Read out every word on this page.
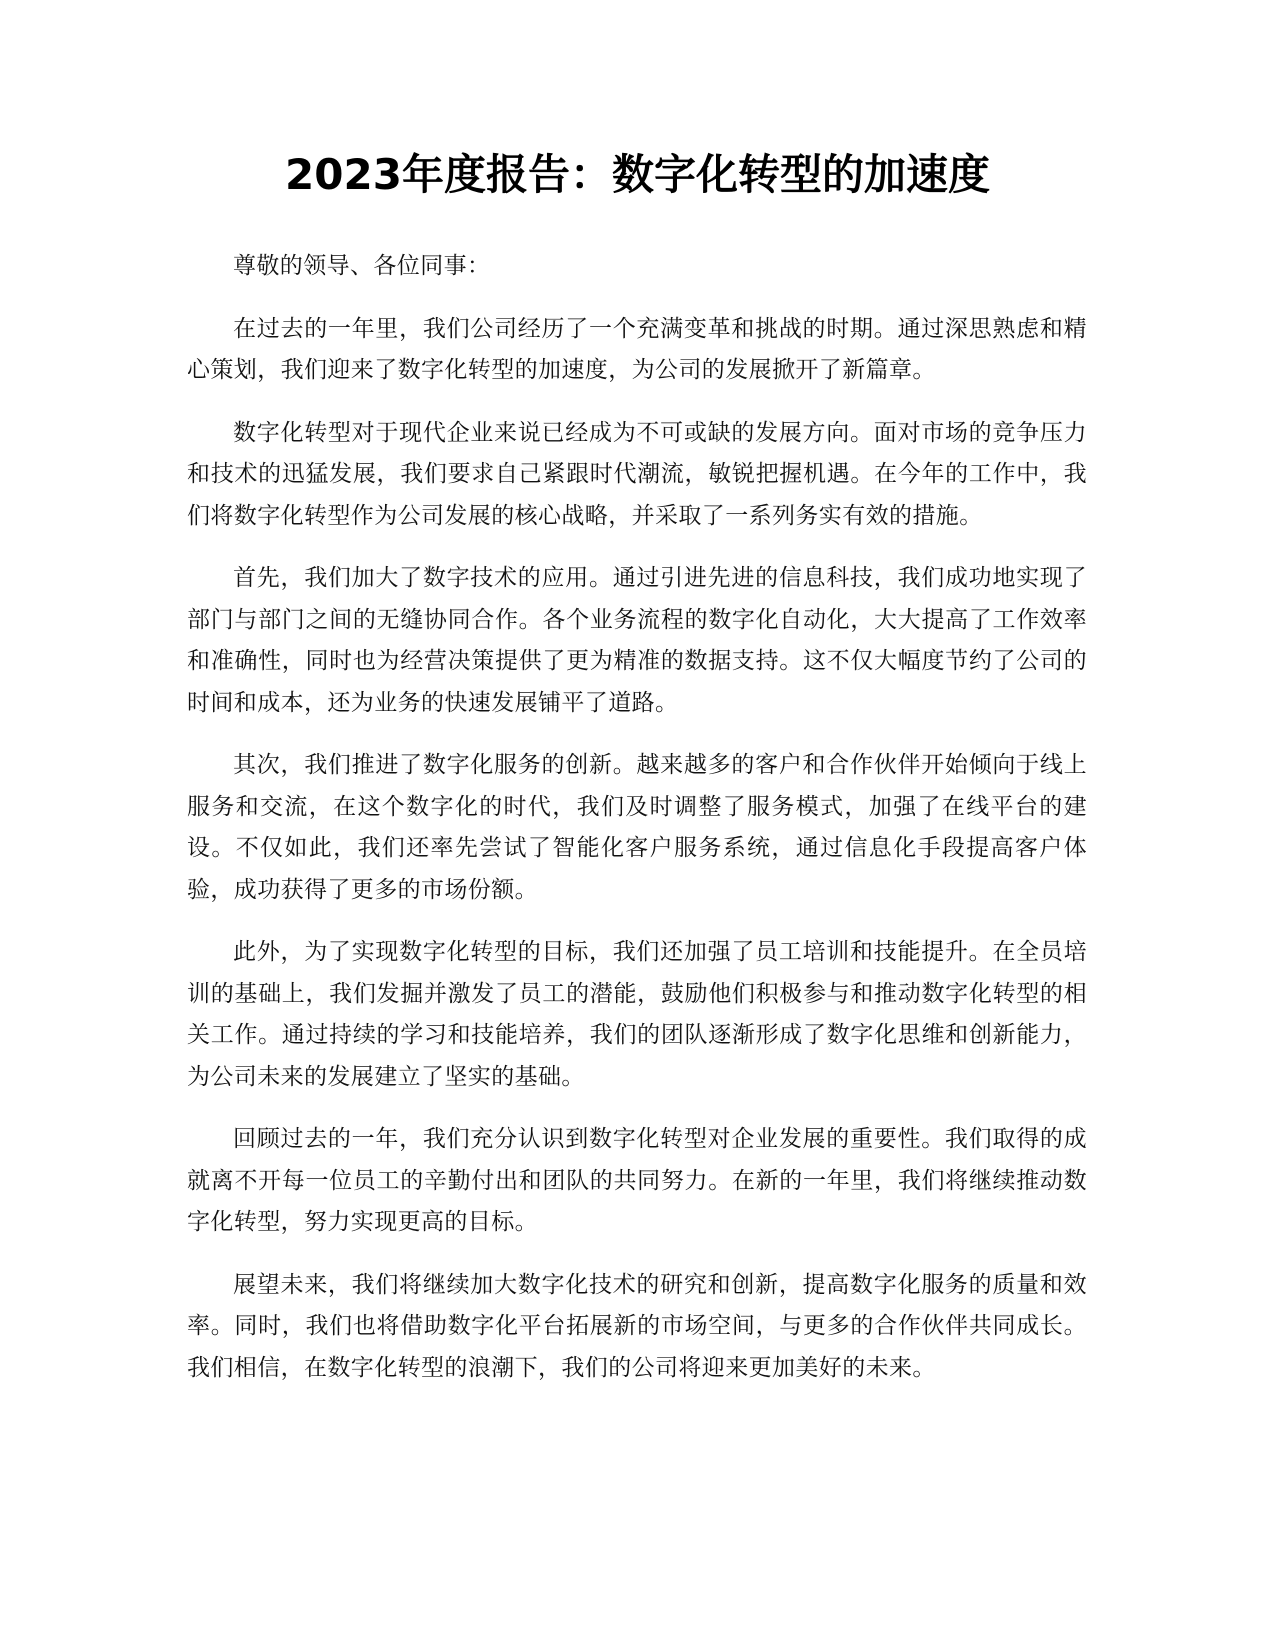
2023年度报告：数字化转型的加速度

尊敬的领导、各位同事：

在过去的一年里，我们公司经历了一个充满变革和挑战的时期。通过深思熟虑和精心策划，我们迎来了数字化转型的加速度，为公司的发展掀开了新篇章。

数字化转型对于现代企业来说已经成为不可或缺的发展方向。面对市场的竞争压力和技术的迅猛发展，我们要求自己紧跟时代潮流，敏锐把握机遇。在今年的工作中，我们将数字化转型作为公司发展的核心战略，并采取了一系列务实有效的措施。

首先，我们加大了数字技术的应用。通过引进先进的信息科技，我们成功地实现了部门与部门之间的无缝协同合作。各个业务流程的数字化自动化，大大提高了工作效率和准确性，同时也为经营决策提供了更为精准的数据支持。这不仅大幅度节约了公司的时间和成本，还为业务的快速发展铺平了道路。

其次，我们推进了数字化服务的创新。越来越多的客户和合作伙伴开始倾向于线上服务和交流，在这个数字化的时代，我们及时调整了服务模式，加强了在线平台的建设。不仅如此，我们还率先尝试了智能化客户服务系统，通过信息化手段提高客户体验，成功获得了更多的市场份额。

此外，为了实现数字化转型的目标，我们还加强了员工培训和技能提升。在全员培训的基础上，我们发掘并激发了员工的潜能，鼓励他们积极参与和推动数字化转型的相关工作。通过持续的学习和技能培养，我们的团队逐渐形成了数字化思维和创新能力，为公司未来的发展建立了坚实的基础。

回顾过去的一年，我们充分认识到数字化转型对企业发展的重要性。我们取得的成就离不开每一位员工的辛勤付出和团队的共同努力。在新的一年里，我们将继续推动数字化转型，努力实现更高的目标。

展望未来，我们将继续加大数字化技术的研究和创新，提高数字化服务的质量和效率。同时，我们也将借助数字化平台拓展新的市场空间，与更多的合作伙伴共同成长。我们相信，在数字化转型的浪潮下，我们的公司将迎来更加美好的未来。
